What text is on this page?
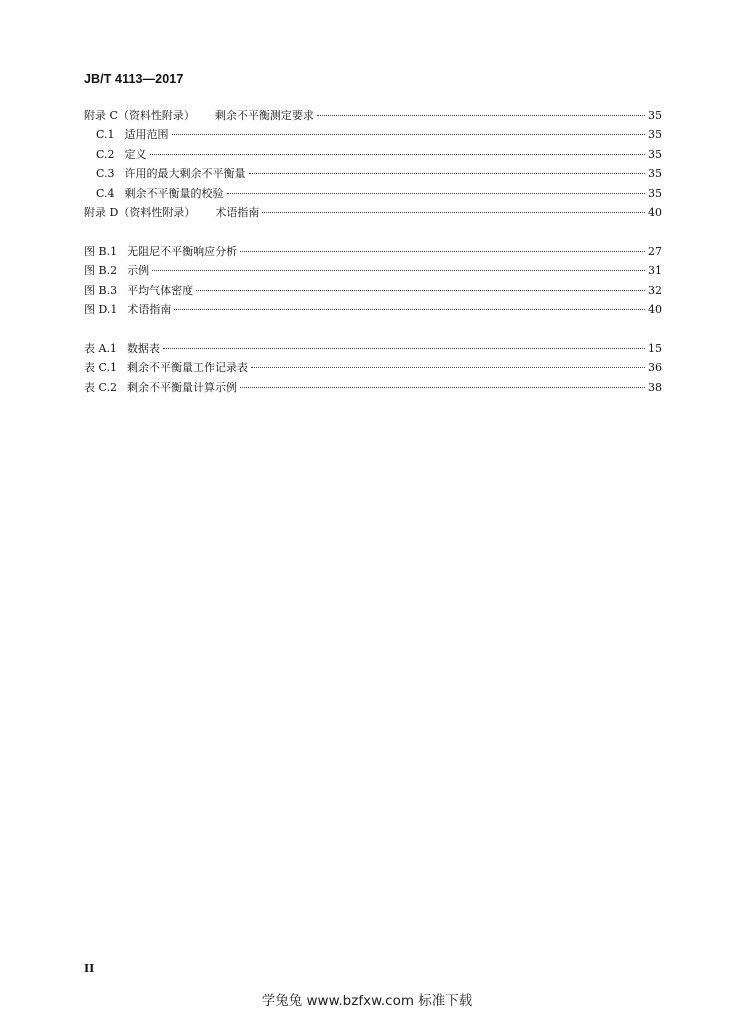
JB/T 4113—2017
附录 C（资料性附录） 剩余不平衡测定要求	35
C.1 适用范围	35
C.2 定义	35
C.3 许用的最大剩余不平衡量	35
C.4 剩余不平衡量的校验	35
附录 D（资料性附录） 术语指南	40
图 B.1 无阻尼不平衡响应分析	27
图 B.2 示例	31
图 B.3 平均气体密度	32
图 D.1 术语指南	40
表 A.1 数据表	15
表 C.1 剩余不平衡量工作记录表	36
表 C.2 剩余不平衡量计算示例	38
II
学兔兔 www.bzfxw.com 标准下载
